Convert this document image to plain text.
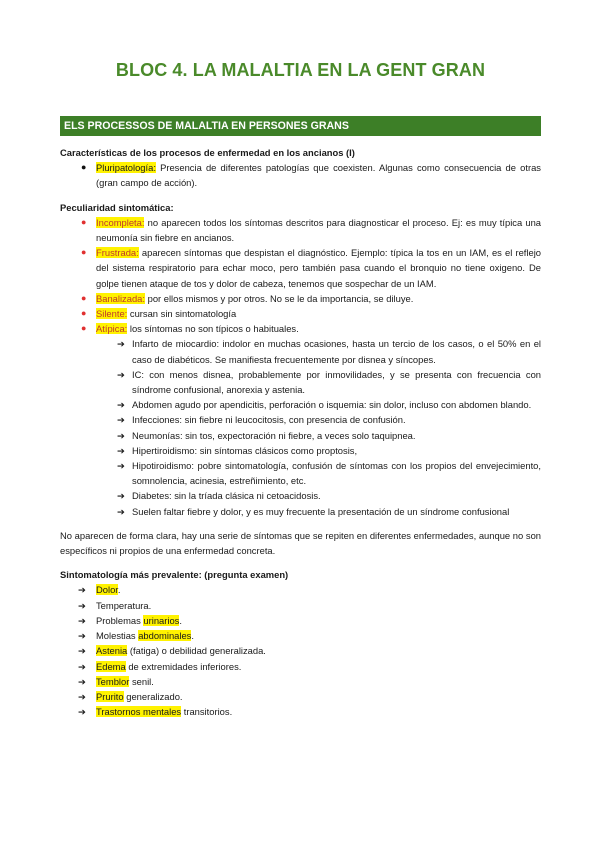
BLOC 4. LA MALALTIA EN LA GENT GRAN
ELS PROCESSOS DE MALALTIA EN PERSONES GRANS

Características de los procesos de enfermedad en los ancianos (I)

● Pluripatología: Presencia de diferentes patologías que coexisten. Algunas como consecuencia de otras (gran campo de acción).

Peculiaridad sintomática:

● Incompleta: no aparecen todos los síntomas descritos para diagnosticar el proceso. Ej: es muy típica una neumonía sin fiebre en ancianos.
● Frustrada: aparecen síntomas que despistan el diagnóstico. Ejemplo: típica la tos en un IAM, es el reflejo del sistema respiratorio para echar moco, pero también pasa cuando el bronquio no tiene oxigeno. De golpe tienen ataque de tos y dolor de cabeza, tenemos que sospechar de un IAM.
● Banalizada: por ellos mismos y por otros. No se le da importancia, se diluye.
● Silente: cursan sin sintomatología
● Atípica: los síntomas no son típicos o habituales.
➔ Infarto de miocardio: indolor en muchas ocasiones, hasta un tercio de los casos, o el 50% en el caso de diabéticos. Se manifiesta frecuentemente por disnea y síncopes.
➔ IC: con menos disnea, probablemente por inmovilidades, y se presenta con frecuencia con síndrome confusional, anorexia y astenia.
➔ Abdomen agudo por apendicitis, perforación o isquemia: sin dolor, incluso con abdomen blando.
➔ Infecciones: sin fiebre ni leucocitosis, con presencia de confusión.
➔ Neumonías: sin tos, expectoración ni fiebre, a veces solo taquipnea.
➔ Hipertiroidismo: sin síntomas clásicos como proptosis,
➔ Hipotiroidismo: pobre sintomatología, confusión de síntomas con los propios del envejecimiento, somnolencia, acinesia, estreñimiento, etc.
➔ Diabetes: sin la tríada clásica ni cetoacidosis.
➔ Suelen faltar fiebre y dolor, y es muy frecuente la presentación de un síndrome confusional

No aparecen de forma clara, hay una serie de síntomas que se repiten en diferentes enfermedades, aunque no son específicos ni propios de una enfermedad concreta.

Sintomatología más prevalente: (pregunta examen)

➔ Dolor.
➔ Temperatura.
➔ Problemas urinarios.
➔ Molestias abdominales.
➔ Astenia (fatiga) o debilidad generalizada.
➔ Edema de extremidades inferiores.
➔ Temblor senil.
➔ Prurito generalizado.
➔ Trastornos mentales transitorios.
